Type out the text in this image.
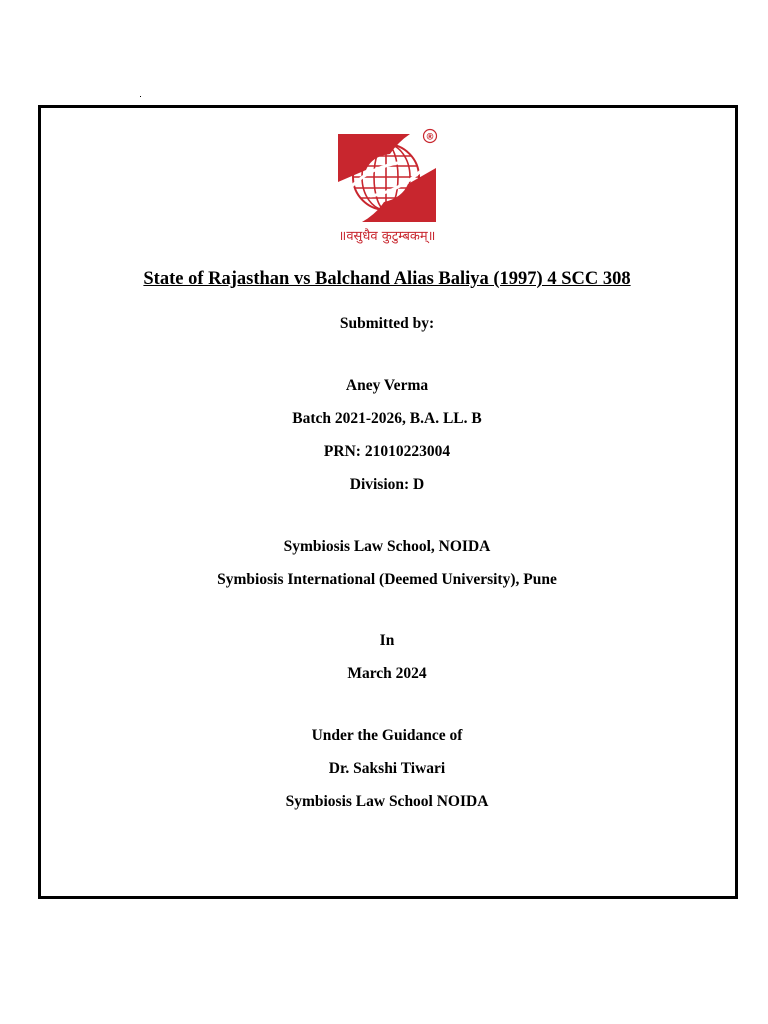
®
॥वसुधैव कुटुम्बकम्॥
State of Rajasthan vs Balchand Alias Baliya (1997) 4 SCC 308
Submitted by:
Aney Verma
Batch 2021-2026, B.A. LL. B
PRN: 21010223004
Division: D
Symbiosis Law School, NOIDA
Symbiosis International (Deemed University), Pune
In
March 2024
Under the Guidance of
Dr. Sakshi Tiwari
Symbiosis Law School NOIDA
